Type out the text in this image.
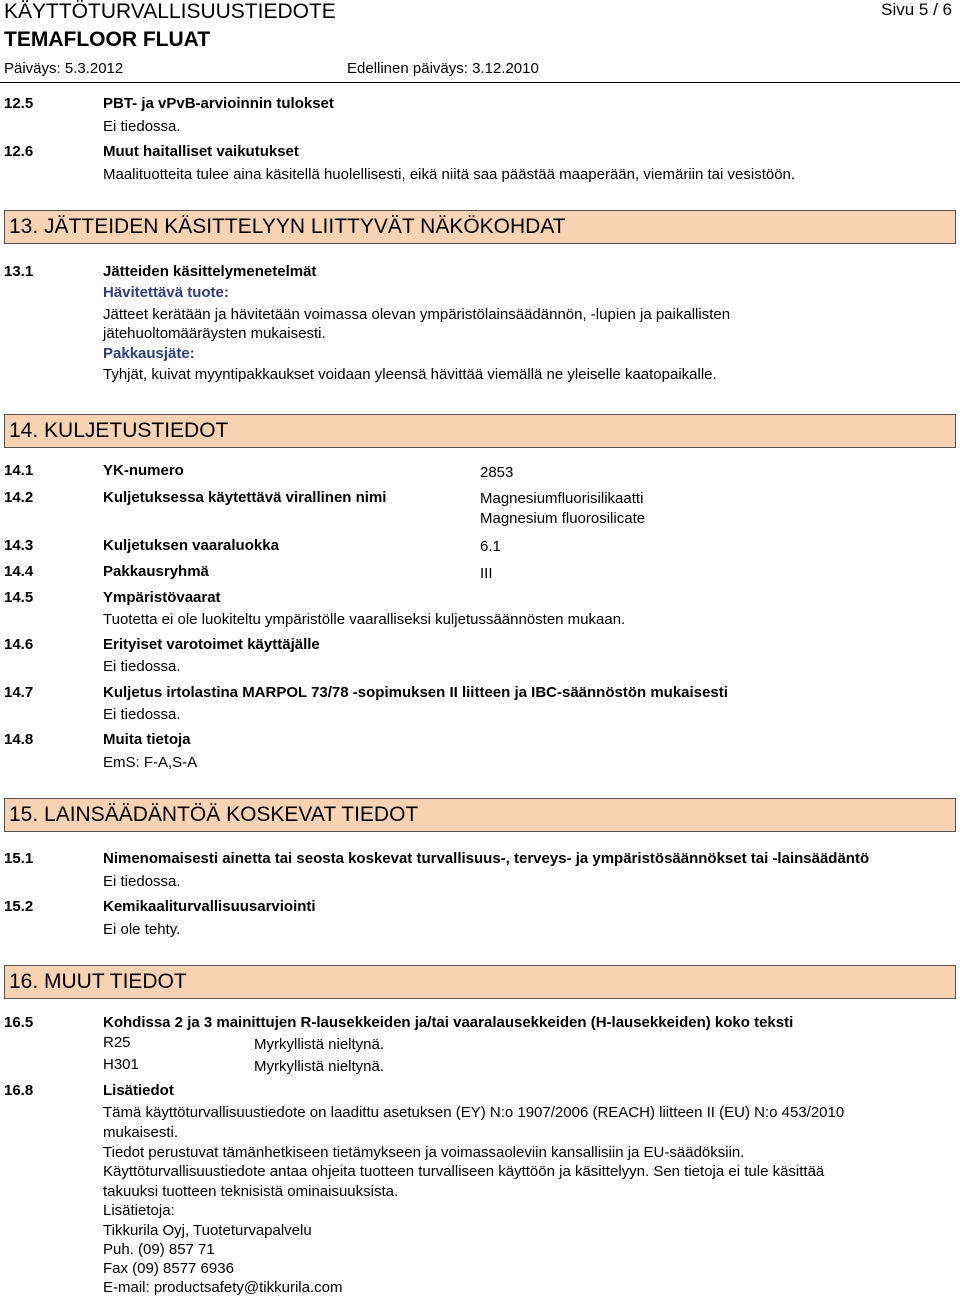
KÄYTTÖTURVALLISUUSTIEDOTE	Sivu 5 / 6
TEMAFLOOR FLUAT
Päiväys: 5.3.2012	Edellinen päiväys: 3.12.2010
12.5	PBT- ja vPvB-arvioinnin tulokset
Ei tiedossa.
12.6	Muut haitalliset vaikutukset
Maalituotteita tulee aina käsitellä huolellisesti, eikä niitä saa päästää maaperään, viemäriin tai vesistöön.
13. JÄTTEIDEN KÄSITTELYYN LIITTYVÄT NÄKÖKOHDAT
13.1	Jätteiden käsittelymenetelmät
Hävitettävä tuote:
Jätteet kerätään ja hävitetään voimassa olevan ympäristölainsäädännön, -lupien ja paikallisten
jätehuoltomääräysten mukaisesti.
Pakkausjäte:
Tyhjät, kuivat myyntipakkaukset voidaan yleensä hävittää viemällä ne yleiselle kaatopaikalle.
14. KULJETUSTIEDOT
14.1	YK-numero	2853
14.2	Kuljetuksessa käytettävä virallinen nimi	Magnesiumfluorisilikaatti
Magnesium fluorosilicate
14.3	Kuljetuksen vaaraluokka	6.1
14.4	Pakkausryhmä	III
14.5	Ympäristövaarat
Tuotetta ei ole luokiteltu ympäristölle vaaralliseksi kuljetussäännösten mukaan.
14.6	Erityiset varotoimet käyttäjälle
Ei tiedossa.
14.7	Kuljetus irtolastina MARPOL 73/78 -sopimuksen II liitteen ja IBC-säännöstön mukaisesti
Ei tiedossa.
14.8	Muita tietoja
EmS: F-A,S-A
15. LAINSÄÄDÄNTÖÄ KOSKEVAT TIEDOT
15.1	Nimenomaisesti ainetta tai seosta koskevat turvallisuus-, terveys- ja ympäristösäännökset tai -lainsäädäntö
Ei tiedossa.
15.2	Kemikaaliturvallisuusarviointi
Ei ole tehty.
16. MUUT TIEDOT
16.5	Kohdissa 2 ja 3 mainittujen R-lausekkeiden ja/tai vaaralausekkeiden (H-lausekkeiden) koko teksti
R25	Myrkyllistä nieltynä.
H301	Myrkyllistä nieltynä.
16.8	Lisätiedot
Tämä käyttöturvallisuustiedote on laadittu asetuksen (EY) N:o 1907/2006 (REACH) liitteen II (EU) N:o 453/2010
mukaisesti.
Tiedot perustuvat tämänhetkiseen tietämykseen ja voimassaoleviin kansallisiin ja EU-säädöksiin.
Käyttöturvallisuustiedote antaa ohjeita tuotteen turvalliseen käyttöön ja käsittelyyn. Sen tietoja ei tule käsittää
takuuksi tuotteen teknisistä ominaisuuksista.
Lisätietoja:
Tikkurila Oyj, Tuoteturvapalvelu
Puh. (09) 857 71
Fax (09) 8577 6936
E-mail: productsafety@tikkurila.com
